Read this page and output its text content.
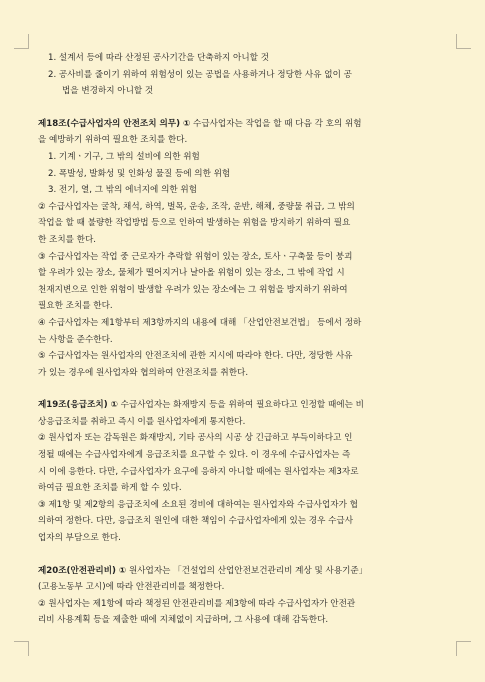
1. 설계서 등에 따라 산정된 공사기간을 단축하지 아니할 것
2. 공사비를 줄이기 위하여 위험성이 있는 공법을 사용하거나 정당한 사유 없이 공
법을 변경하지 아니할 것
제18조(수급사업자의 안전조치 의무) ① 수급사업자는 작업을 할 때 다음 각 호의 위험
을 예방하기 위하여 필요한 조치를 한다.
1. 기계ㆍ기구, 그 밖의 설비에 의한 위험
2. 폭발성, 발화성 및 인화성 물질 등에 의한 위험
3. 전기, 열, 그 밖의 에너지에 의한 위험
② 수급사업자는 굴착, 채석, 하역, 벌목, 운송, 조작, 운반, 해체, 중량물 취급, 그 밖의
작업을 할 때 불량한 작업방법 등으로 인하여 발생하는 위험을 방지하기 위하여 필요
한 조치를 한다.
③ 수급사업자는 작업 중 근로자가 추락할 위험이 있는 장소, 토사ㆍ구축물 등이 붕괴
할 우려가 있는 장소, 물체가 떨어지거나 날아올 위험이 있는 장소, 그 밖에 작업 시
천재지변으로 인한 위험이 발생할 우려가 있는 장소에는 그 위험을 방지하기 위하여
필요한 조치를 한다.
④ 수급사업자는 제1항부터 제3항까지의 내용에 대해 「산업안전보건법」 등에서 정하
는 사항을 준수한다.
⑤ 수급사업자는 원사업자의 안전조치에 관한 지시에 따라야 한다. 다만, 정당한 사유
가 있는 경우에 원사업자와 협의하여 안전조치를 취한다.
제19조(응급조치) ① 수급사업자는 화재방지 등을 위하여 필요하다고 인정할 때에는 비
상응급조치를 취하고 즉시 이를 원사업자에게 통지한다.
② 원사업자 또는 감독원은 화재방지, 기타 공사의 시공 상 긴급하고 부득이하다고 인
정될 때에는 수급사업자에게 응급조치를 요구할 수 있다. 이 경우에 수급사업자는 즉
시 이에 응한다. 다만, 수급사업자가 요구에 응하지 아니할 때에는 원사업자는 제3자로
하여금 필요한 조치를 하게 할 수 있다.
③ 제1항 및 제2항의 응급조치에 소요된 경비에 대하여는 원사업자와 수급사업자가 협
의하여 정한다. 다만, 응급조치 원인에 대한 책임이 수급사업자에게 있는 경우 수급사
업자의 부담으로 한다.
제20조(안전관리비) ① 원사업자는 「건설업의 산업안전보건관리비 계상 및 사용기준」
(고용노동부 고시)에 따라 안전관리비를 책정한다.
② 원사업자는 제1항에 따라 책정된 안전관리비를 제3항에 따라 수급사업자가 안전관
리비 사용계획 등을 제출한 때에 지체없이 지급하며, 그 사용에 대해 감독한다.
